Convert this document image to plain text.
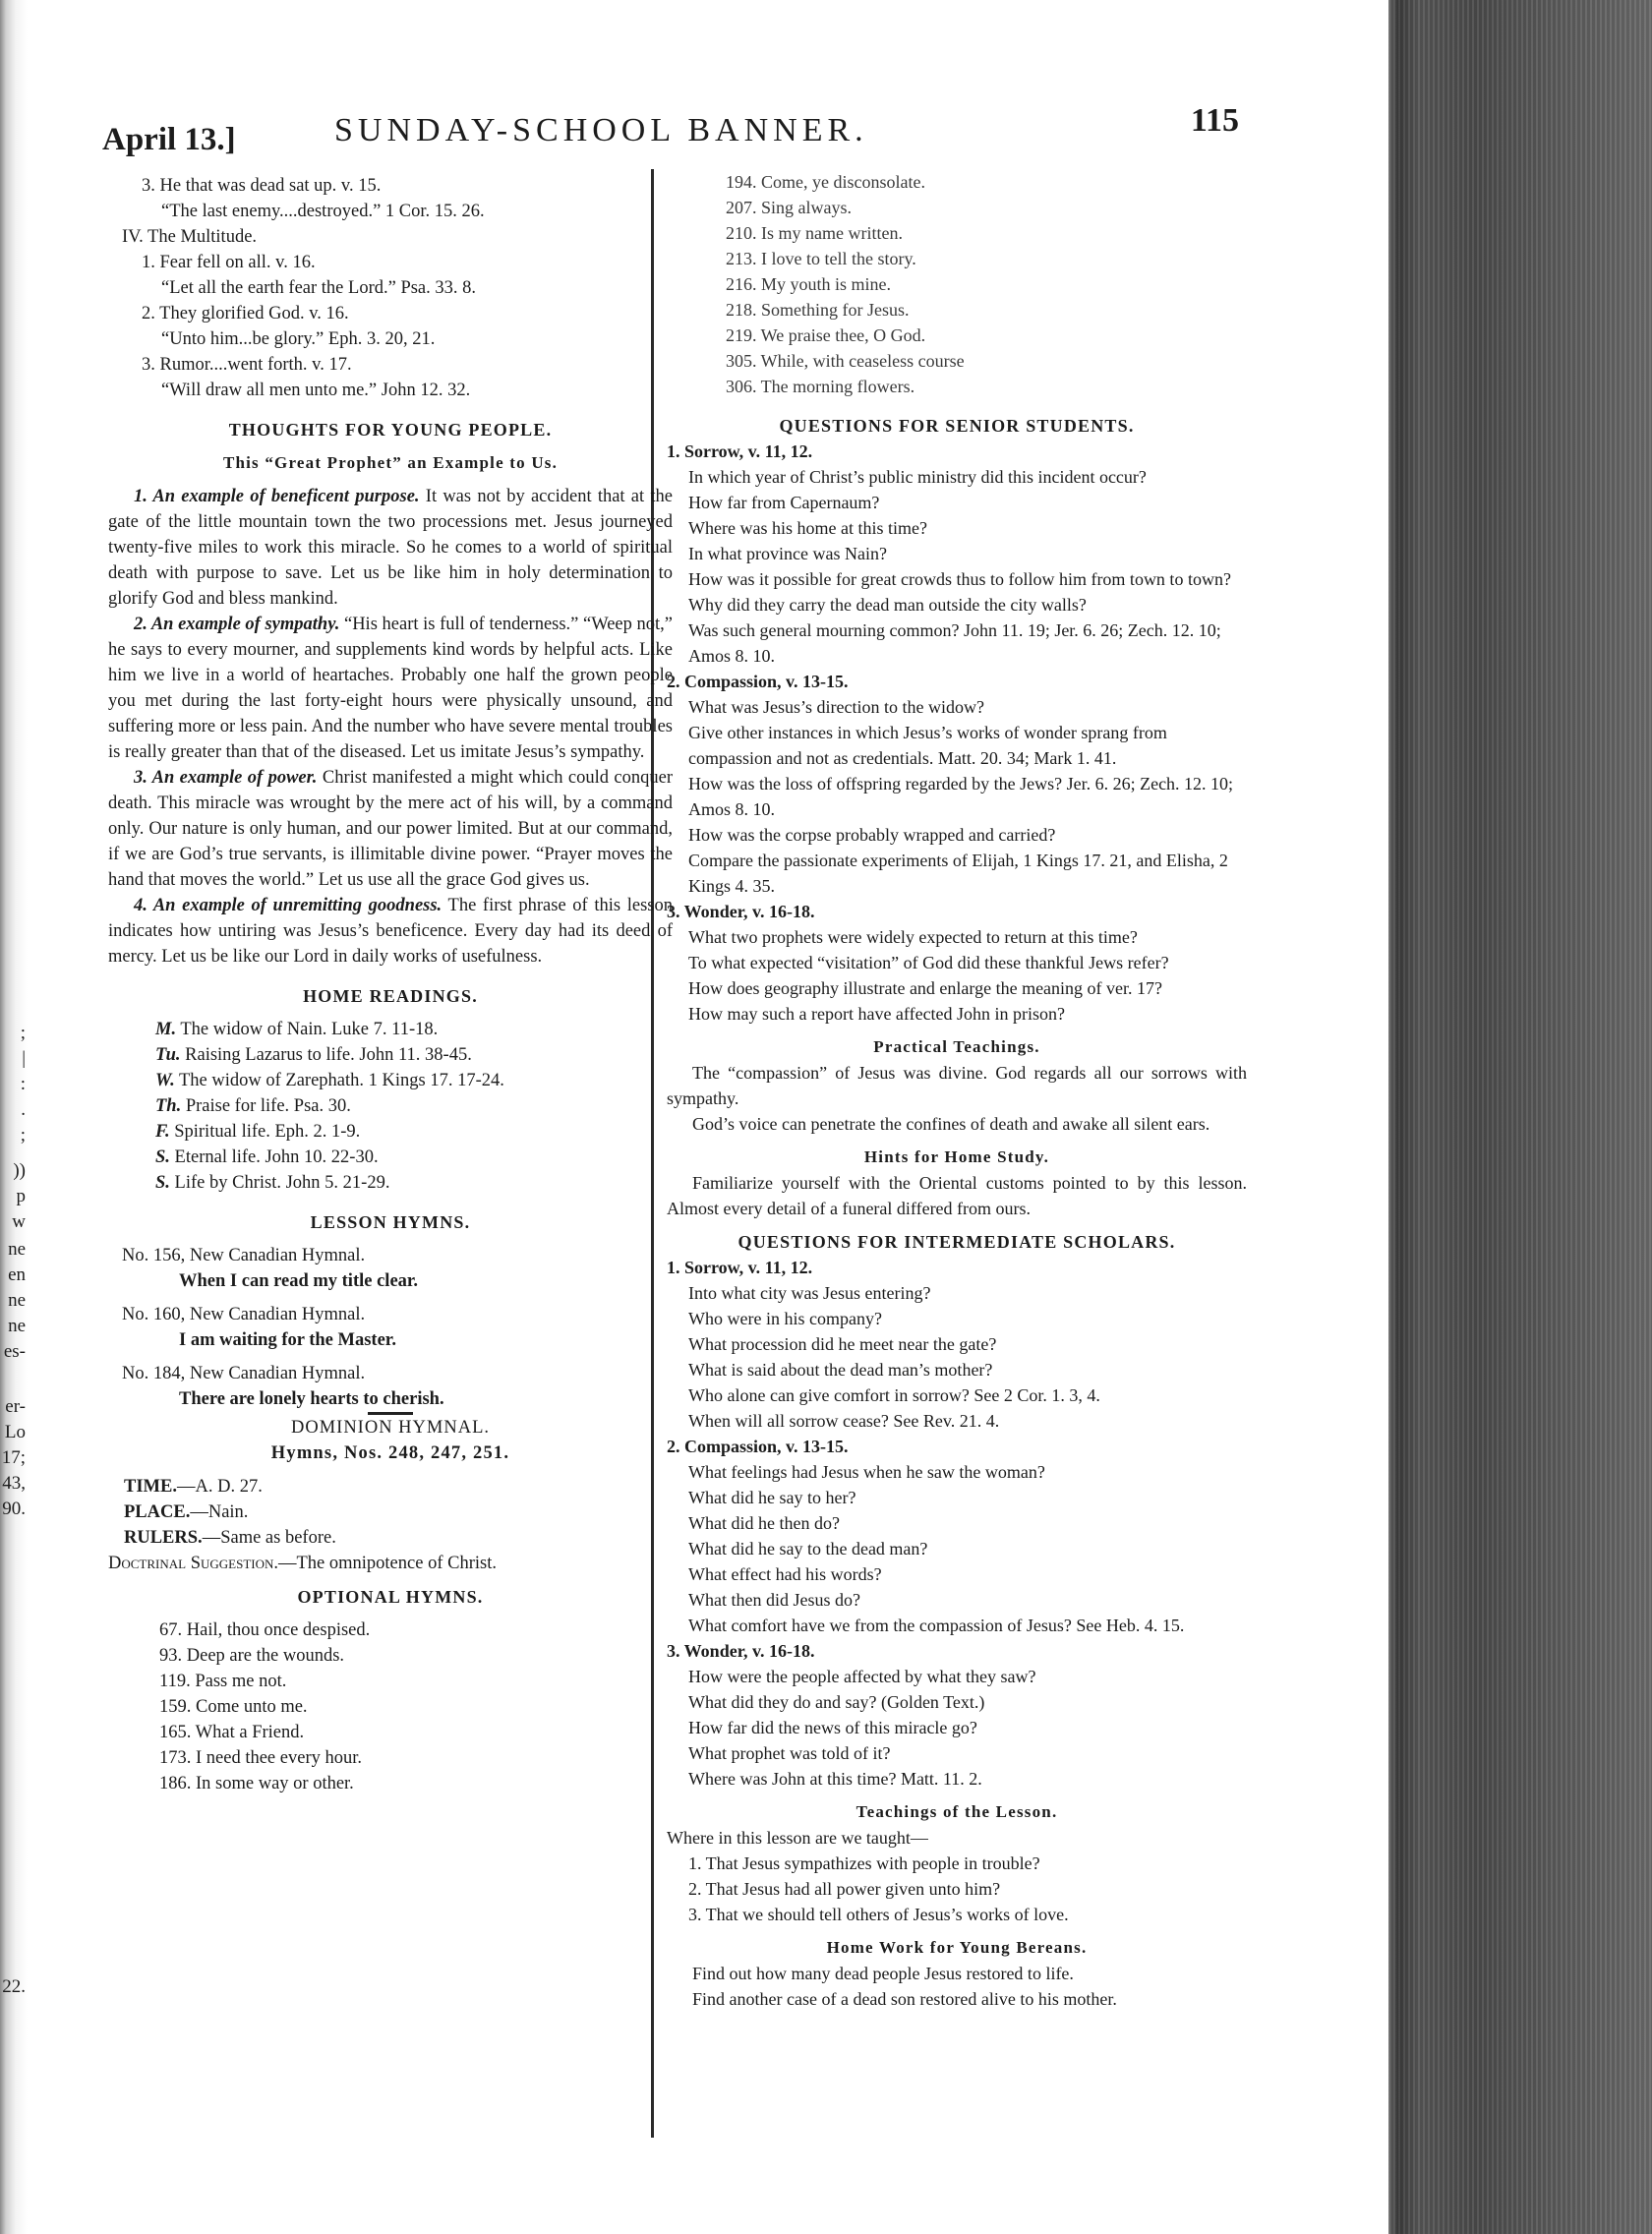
;
|
:
.
;
))
p
w
ne
en
ne
ne
es-
er-
Lo
17;
43,
90.
22.
April 13.]	SUNDAY-SCHOOL BANNER.	115
3. He that was dead sat up. v. 15.
“The last enemy....destroyed.” 1 Cor. 15. 26.
IV. The Multitude.
1. Fear fell on all. v. 16.
“Let all the earth fear the Lord.” Psa. 33. 8.
2. They glorified God. v. 16.
“Unto him...be glory.” Eph. 3. 20, 21.
3. Rumor....went forth. v. 17.
“Will draw all men unto me.” John 12. 32.
THOUGHTS FOR YOUNG PEOPLE.
This “Great Prophet” an Example to Us.
1. An example of beneficent purpose. It was not by accident that at the gate of the little mountain town the two processions met. Jesus journeyed twenty-five miles to work this miracle. So he comes to a world of spiritual death with purpose to save. Let us be like him in holy determination to glorify God and bless mankind.
2. An example of sympathy. “His heart is full of tenderness.” “Weep not,” he says to every mourner, and supplements kind words by helpful acts. Like him we live in a world of heartaches. Probably one half the grown people you met during the last forty-eight hours were physically unsound, and suffering more or less pain. And the number who have severe mental troubles is really greater than that of the diseased. Let us imitate Jesus’s sympathy.
3. An example of power. Christ manifested a might which could conquer death. This miracle was wrought by the mere act of his will, by a command only. Our nature is only human, and our power limited. But at our command, if we are God’s true servants, is illimitable divine power. “Prayer moves the hand that moves the world.” Let us use all the grace God gives us.
4. An example of unremitting goodness. The first phrase of this lesson indicates how untiring was Jesus’s beneficence. Every day had its deed of mercy. Let us be like our Lord in daily works of usefulness.
HOME READINGS.
M. The widow of Nain. Luke 7. 11-18.
Tu. Raising Lazarus to life. John 11. 38-45.
W. The widow of Zarephath. 1 Kings 17. 17-24.
Th. Praise for life. Psa. 30.
F. Spiritual life. Eph. 2. 1-9.
S. Eternal life. John 10. 22-30.
S. Life by Christ. John 5. 21-29.
LESSON HYMNS.
No. 156, New Canadian Hymnal.
When I can read my title clear.
No. 160, New Canadian Hymnal.
I am waiting for the Master.
No. 184, New Canadian Hymnal.
There are lonely hearts to cherish.
DOMINION HYMNAL.
Hymns, Nos. 248, 247, 251.
TIME.—A. D. 27.
PLACE.—Nain.
RULERS.—Same as before.
Doctrinal Suggestion.—The omnipotence of Christ.
OPTIONAL HYMNS.
67. Hail, thou once despised.
93. Deep are the wounds.
119. Pass me not.
159. Come unto me.
165. What a Friend.
173. I need thee every hour.
186. In some way or other.
194. Come, ye disconsolate.
207. Sing always.
210. Is my name written.
213. I love to tell the story.
216. My youth is mine.
218. Something for Jesus.
219. We praise thee, O God.
305. While, with ceaseless course
306. The morning flowers.
QUESTIONS FOR SENIOR STUDENTS.
1. Sorrow, v. 11, 12.
In which year of Christ’s public ministry did this incident occur?
How far from Capernaum?
Where was his home at this time?
In what province was Nain?
How was it possible for great crowds thus to follow him from town to town?
Why did they carry the dead man outside the city walls?
Was such general mourning common? John 11. 19; Jer. 6. 26; Zech. 12. 10; Amos 8. 10.
2. Compassion, v. 13-15.
What was Jesus’s direction to the widow?
Give other instances in which Jesus’s works of wonder sprang from compassion and not as credentials. Matt. 20. 34; Mark 1. 41.
How was the loss of offspring regarded by the Jews? Jer. 6. 26; Zech. 12. 10; Amos 8. 10.
How was the corpse probably wrapped and carried?
Compare the passionate experiments of Elijah, 1 Kings 17. 21, and Elisha, 2 Kings 4. 35.
3. Wonder, v. 16-18.
What two prophets were widely expected to return at this time?
To what expected “visitation” of God did these thankful Jews refer?
How does geography illustrate and enlarge the meaning of ver. 17?
How may such a report have affected John in prison?
Practical Teachings.
The “compassion” of Jesus was divine. God regards all our sorrows with sympathy.
God’s voice can penetrate the confines of death and awake all silent ears.
Hints for Home Study.
Familiarize yourself with the Oriental customs pointed to by this lesson. Almost every detail of a funeral differed from ours.
QUESTIONS FOR INTERMEDIATE SCHOLARS.
1. Sorrow, v. 11, 12.
Into what city was Jesus entering?
Who were in his company?
What procession did he meet near the gate?
What is said about the dead man’s mother?
Who alone can give comfort in sorrow? See 2 Cor. 1. 3, 4.
When will all sorrow cease? See Rev. 21. 4.
2. Compassion, v. 13-15.
What feelings had Jesus when he saw the woman?
What did he say to her?
What did he then do?
What did he say to the dead man?
What effect had his words?
What then did Jesus do?
What comfort have we from the compassion of Jesus? See Heb. 4. 15.
3. Wonder, v. 16-18.
How were the people affected by what they saw?
What did they do and say? (Golden Text.)
How far did the news of this miracle go?
What prophet was told of it?
Where was John at this time? Matt. 11. 2.
Teachings of the Lesson.
Where in this lesson are we taught—
1. That Jesus sympathizes with people in trouble?
2. That Jesus had all power given unto him?
3. That we should tell others of Jesus’s works of love.
Home Work for Young Bereans.
Find out how many dead people Jesus restored to life.
Find another case of a dead son restored alive to his mother.
